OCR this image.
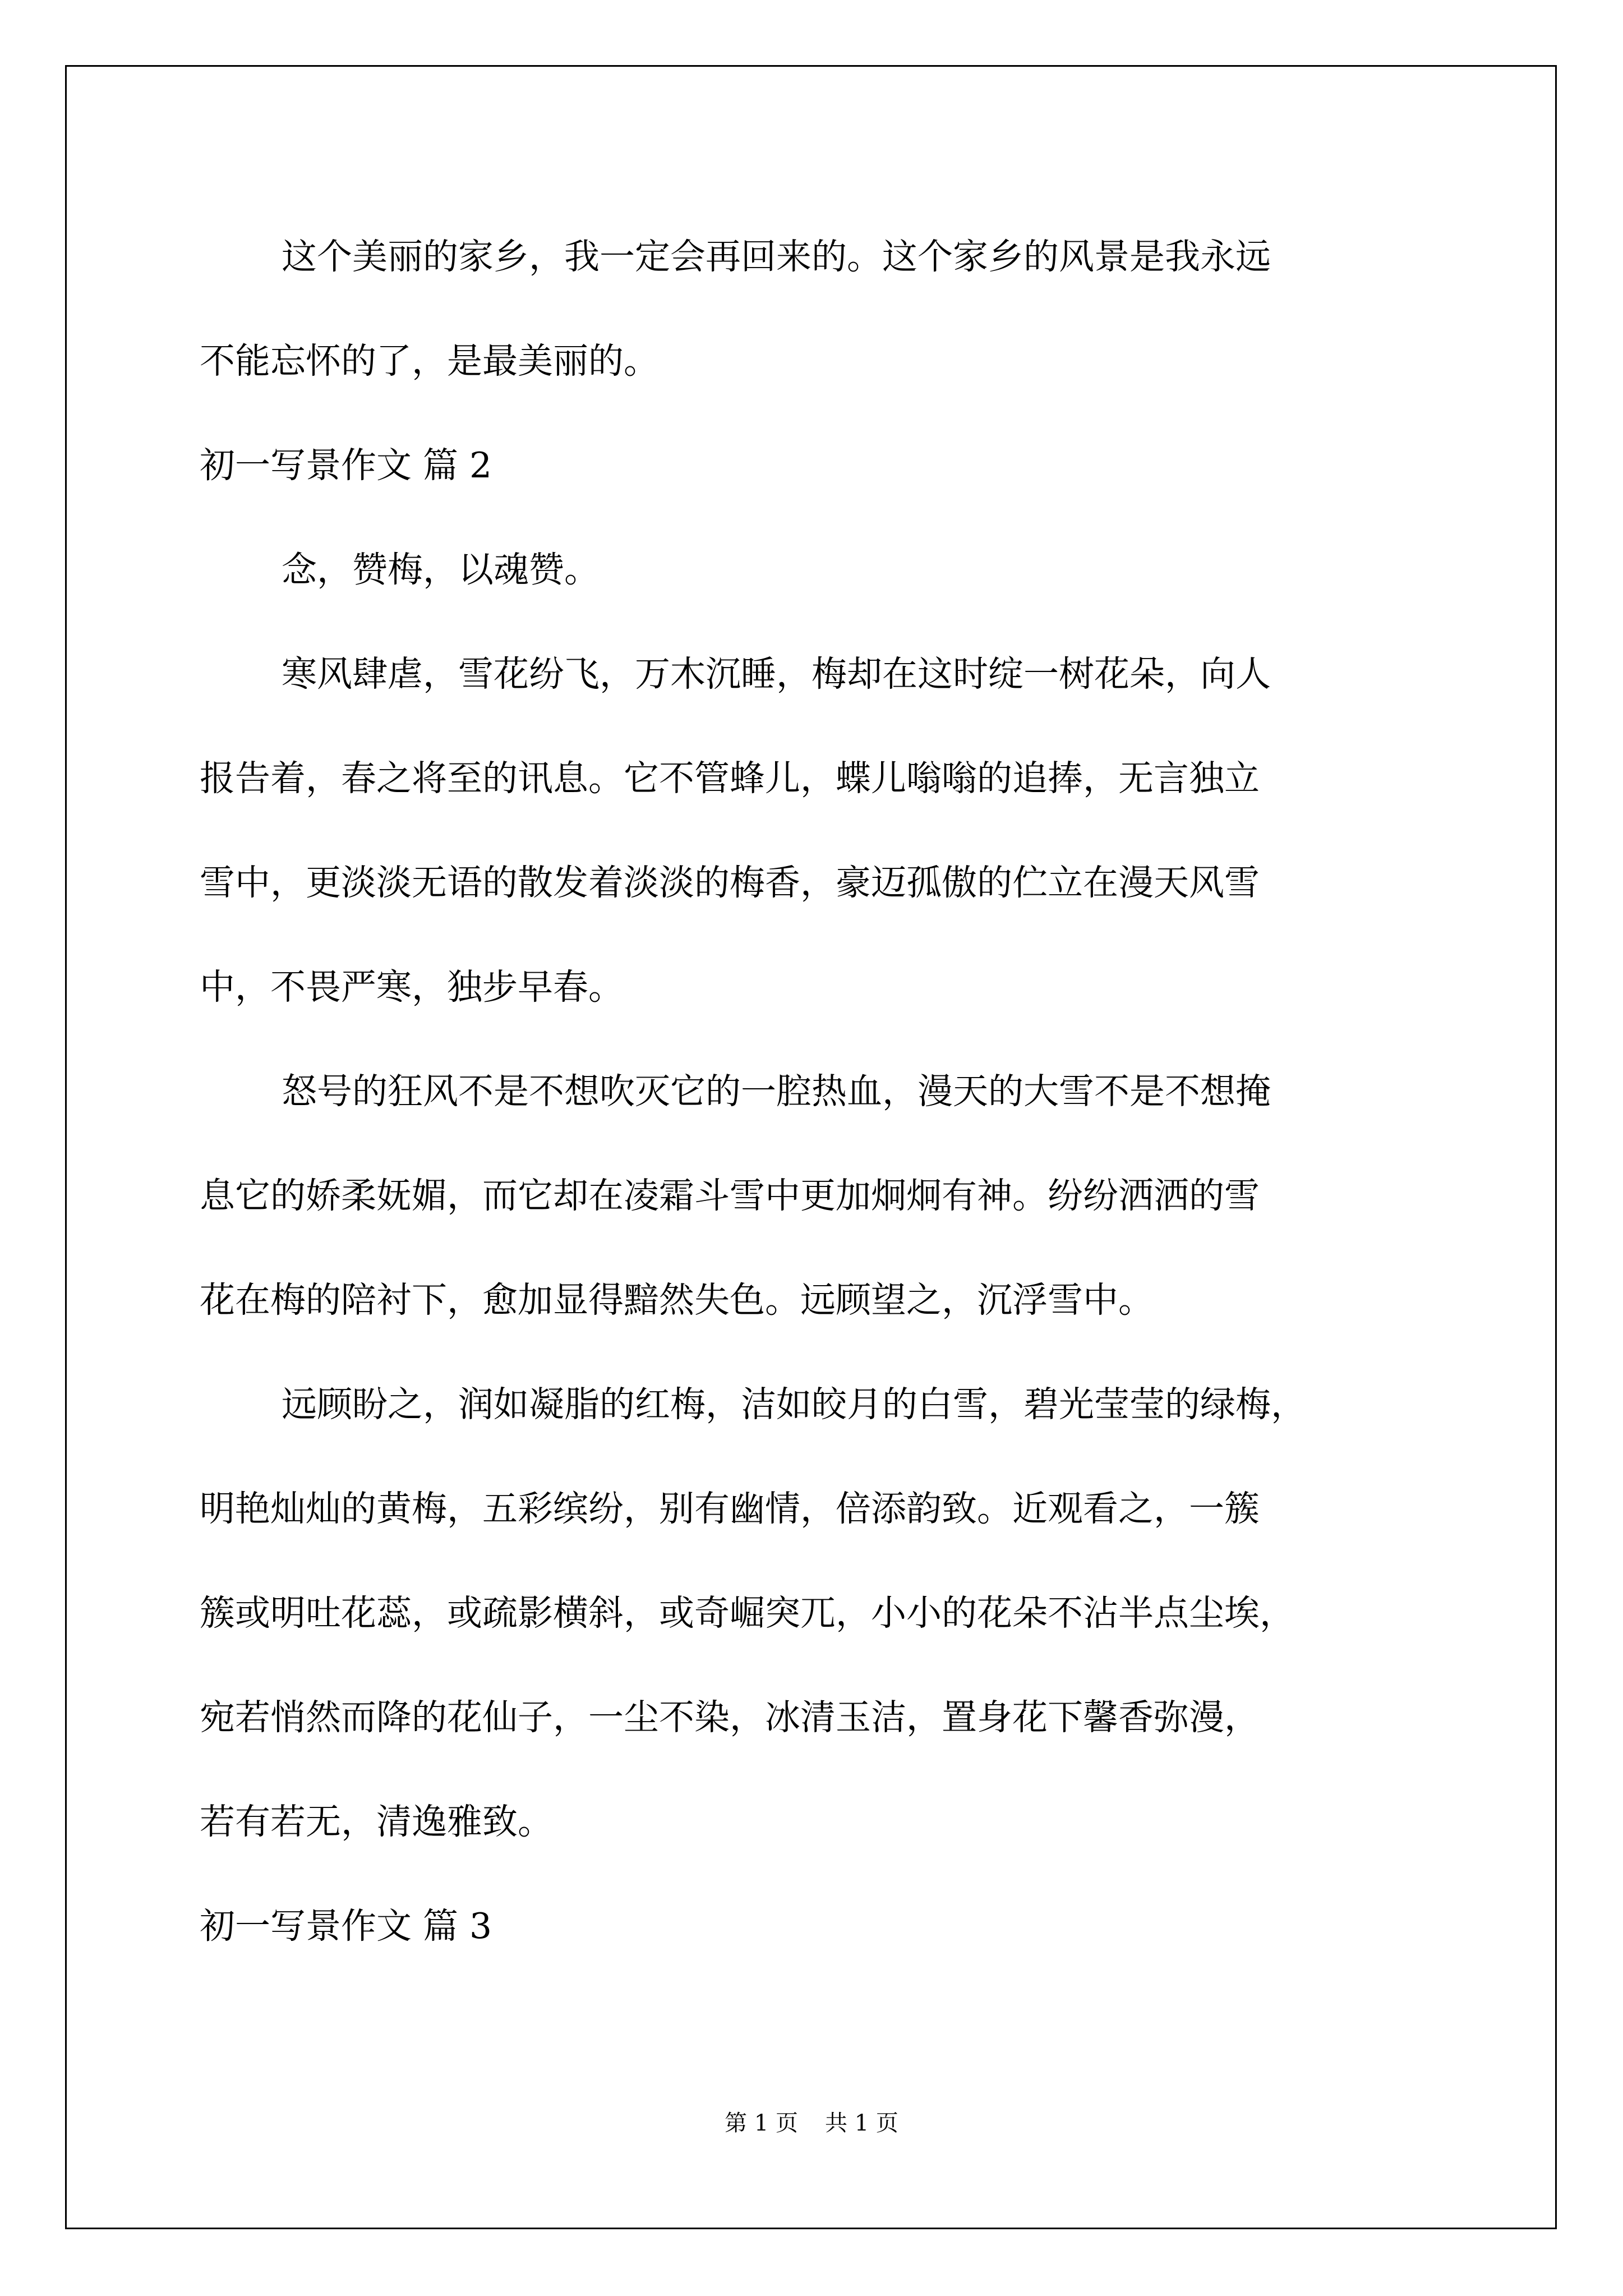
这个美丽的家乡，我一定会再回来的。这个家乡的风景是我永远
不能忘怀的了，是最美丽的。
初一写景作文 篇 2
念，赞梅，以魂赞。
寒风肆虐，雪花纷飞，万木沉睡，梅却在这时绽一树花朵，向人
报告着，春之将至的讯息。它不管蜂儿，蝶儿嗡嗡的追捧，无言独立
雪中，更淡淡无语的散发着淡淡的梅香，豪迈孤傲的伫立在漫天风雪
中，不畏严寒，独步早春。
怒号的狂风不是不想吹灭它的一腔热血，漫天的大雪不是不想掩
息它的娇柔妩媚，而它却在凌霜斗雪中更加炯炯有神。纷纷洒洒的雪
花在梅的陪衬下，愈加显得黯然失色。远顾望之，沉浮雪中。
远顾盼之，润如凝脂的红梅，洁如皎月的白雪，碧光莹莹的绿梅，
明艳灿灿的黄梅，五彩缤纷，别有幽情，倍添韵致。近观看之，一簇
簇或明吐花蕊，或疏影横斜，或奇崛突兀，小小的花朵不沾半点尘埃，
宛若悄然而降的花仙子，一尘不染，冰清玉洁，置身花下馨香弥漫，
若有若无，清逸雅致。
初一写景作文 篇 3
第 1 页 共 1 页
